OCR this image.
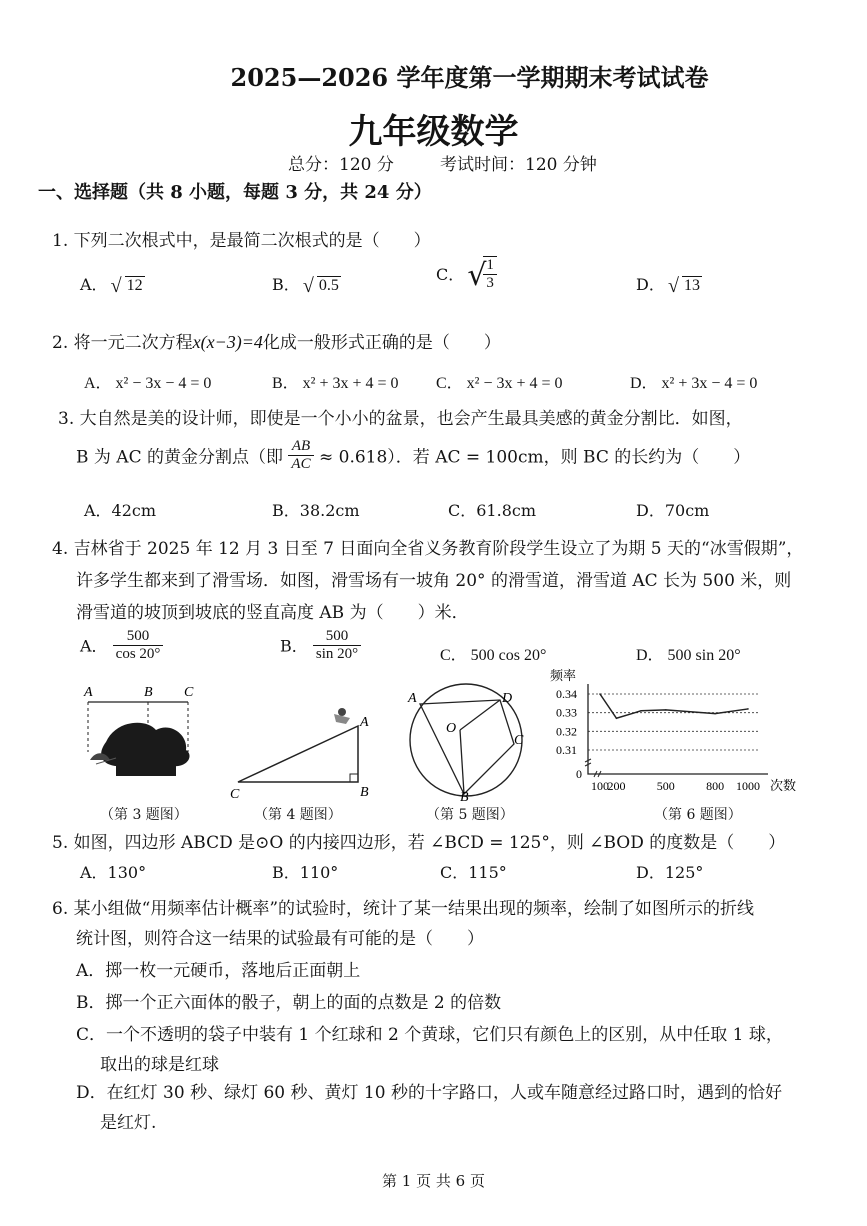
2025—2026 学年度第一学期期末考试试卷
九年级数学
总分：120 分	考试时间：120 分钟
一、选择题（共 8 小题，每题 3 分，共 24 分）
1. 下列二次根式中，是最简二次根式的是（　　）
A． √ 12	B． √ 0.5
C． √
$\frac{1}{3}$	D． √ 13
2. 将一元二次方程x(x−3)=4化成一般形式正确的是（　　）
A． x² − 3x − 4 = 0	B． x² + 3x + 4 = 0 C． x² − 3x + 4 = 0	D． x² + 3x − 4 = 0
3. 大自然是美的设计师，即使是一个小小的盆景，也会产生最具美感的黄金分割比．如图，
B 为 AC 的黄金分割点（即 $\frac{AB}{AC} \approx 0.618$）．若 AC = 100cm，则 BC 的长约为（　　）
A．42cm	B．38.2cm	C．61.8cm	D．70cm
4. 吉林省于 2025 年 12 月 3 日至 7 日面向全省义务教育阶段学生设立了为期 5 天的“冰雪假期”，
许多学生都来到了滑雪场．如图，滑雪场有一坡角 20° 的滑雪道，滑雪道 AC 长为 500 米，则
滑雪道的坡顶到坡底的竖直高度 AB 为（　　）米．
A． $\frac{500}{\cos 20^\circ}$	B． $\frac{500}{\sin 20^\circ}$	C． 500 cos 20°	D． 500 sin 20°
A	B C
（第 3 题图）
A
B
C
（第 4 题图）
A	D
O
C
B
（第 5 题图）
频率
次数
0
0.34
0.33
0.32
0.31
100
200	500	800 1000
（第 6 题图）
5. 如图，四边形 ABCD 是⊙O 的内接四边形，若 ∠BCD = 125°，则 ∠BOD 的度数是（　　）
A．130°	B．110°	C．115°	D．125°
6. 某小组做“用频率估计概率”的试验时，统计了某一结果出现的频率，绘制了如图所示的折线
统计图，则符合这一结果的试验最有可能的是（　　）
A．掷一枚一元硬币，落地后正面朝上
B．掷一个正六面体的骰子，朝上的面的点数是 2 的倍数
C．一个不透明的袋子中装有 1 个红球和 2 个黄球，它们只有颜色上的区别，从中任取 1 球，
取出的球是红球
D．在红灯 30 秒、绿灯 60 秒、黄灯 10 秒的十字路口，人或车随意经过路口时，遇到的恰好
是红灯.
第 1 页 共 6 页
